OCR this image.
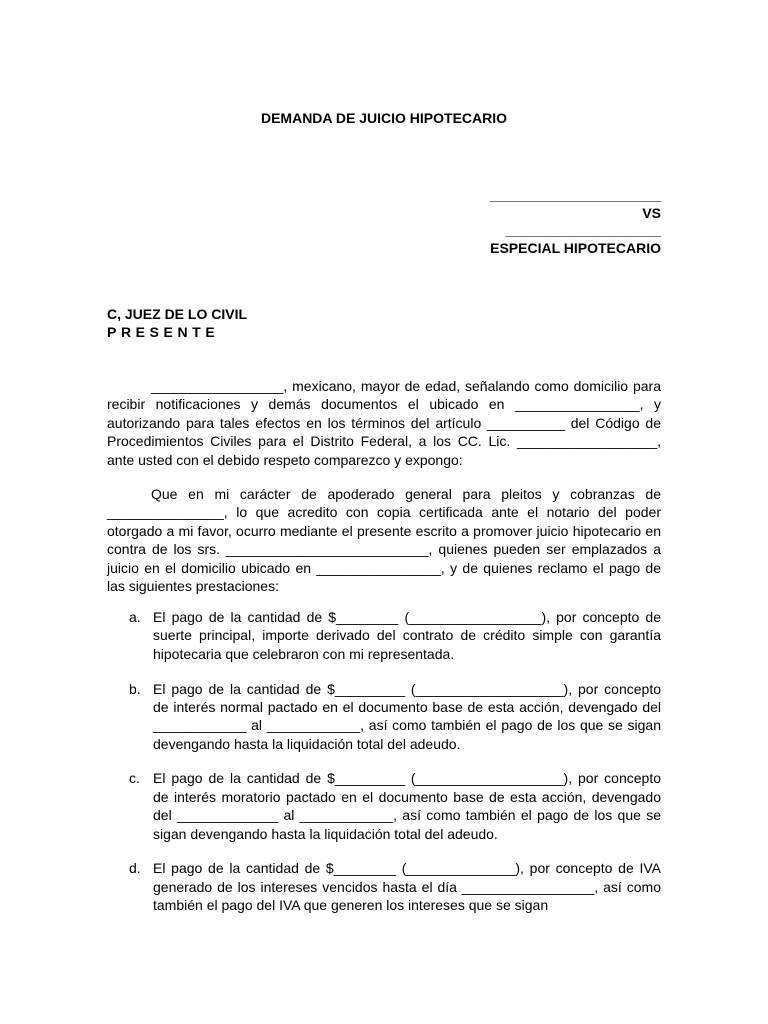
DEMANDA DE JUICIO HIPOTECARIO
______________________
VS
____________________
ESPECIAL HIPOTECARIO
C, JUEZ DE LO CIVIL
PRESENTE

_________________, mexicano, mayor de edad, señalando como domicilio para recibir notificaciones y demás documentos el ubicado en ________________, y autorizando para tales efectos en los términos del artículo __________ del Código de Procedimientos Civiles para el Distrito Federal, a los CC. Lic. __________________, ante usted con el debido respeto comparezco y expongo:

Que en mi carácter de apoderado general para pleitos y cobranzas de _______________, lo que acredito con copia certificada ante el notario del poder otorgado a mi favor, ocurro mediante el presente escrito a promover juicio hipotecario en contra de los srs. __________________________, quienes pueden ser emplazados a juicio en el domicilio ubicado en ________________, y de quienes reclamo el pago de las siguientes prestaciones:

a. El pago de la cantidad de $________ (_________________), por concepto de suerte principal, importe derivado del contrato de crédito simple con garantía hipotecaria que celebraron con mi representada.
b. El pago de la cantidad de $_________ (___________________), por concepto de interés normal pactado en el documento base de esta acción, devengado del ____________ al ____________, así como también el pago de los que se sigan devengando hasta la liquidación total del adeudo.
c. El pago de la cantidad de $_________ (___________________), por concepto de interés moratorio pactado en el documento base de esta acción, devengado del _____________ al ____________, así como también el pago de los que se sigan devengando hasta la liquidación total del adeudo.
d. El pago de la cantidad de $________ (______________), por concepto de IVA generado de los intereses vencidos hasta el día _________________, así como también el pago del IVA que generen los intereses que se sigan
